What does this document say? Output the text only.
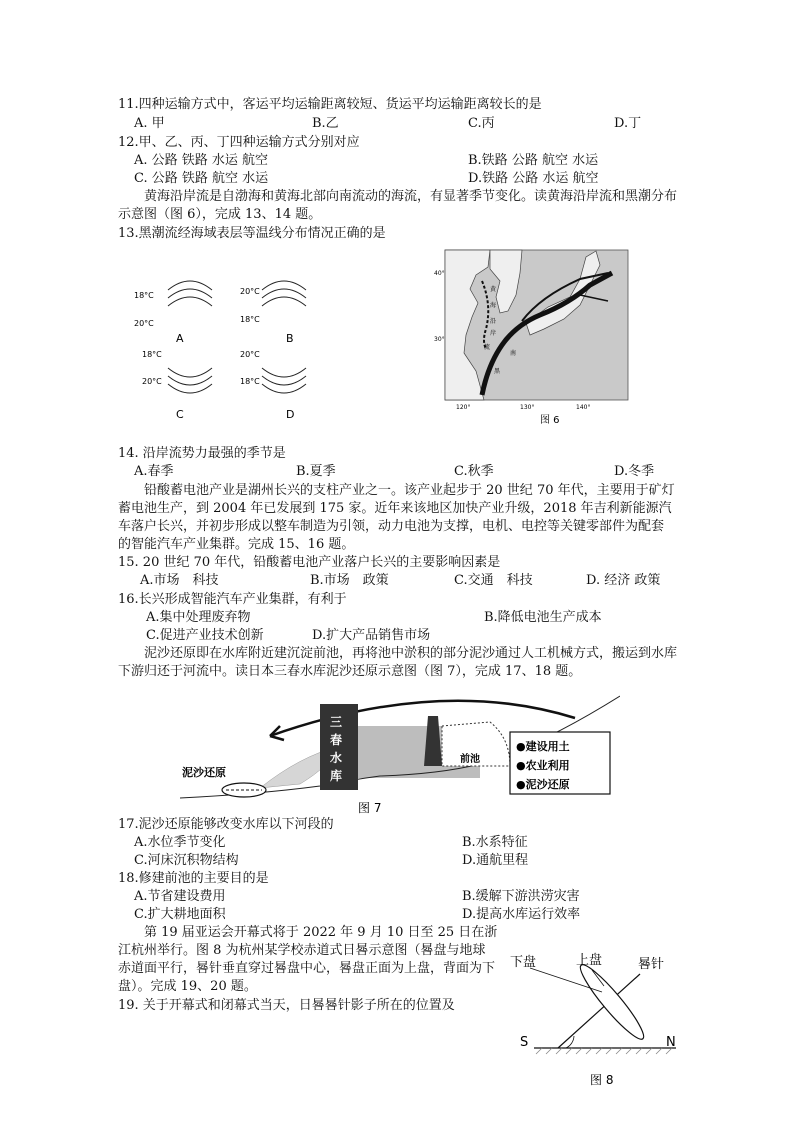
11.四种运输方式中，客运平均运输距离较短、货运平均运输距离较长的是
A. 甲	B.乙	C.丙	D.丁
12.甲、乙、丙、丁四种运输方式分别对应
A. 公路 铁路 水运 航空	B.铁路 公路 航空 水运
C. 公路 铁路 航空 水运	D.铁路 公路 水运 航空
黄海沿岸流是自渤海和黄海北部向南流动的海流，有显著季节变化。读黄海沿岸流和黑潮分布示意图（图 6），完成 13、14 题。
13.黑潮流经海域表层等温线分布情况正确的是
18°C
20°C
20°C
18°C
18°C
20°C
20°C
18°C
A	B
C	D
40°
30°
120°	130°	140°
黄
海
沿
岸
流
南
黑
图 6
14. 沿岸流势力最强的季节是
A.春季	B.夏季	C.秋季	D.冬季
铅酸蓄电池产业是湖州长兴的支柱产业之一。该产业起步于 20 世纪 70 年代，主要用于矿灯蓄电池生产，到 2004 年已发展到 175 家。近年来该地区加快产业升级，2018 年吉利新能源汽车落户长兴，并初步形成以整车制造为引领，动力电池为支撑，电机、电控等关键零部件为配套的智能汽车产业集群。完成 15、16 题。
15. 20 世纪 70 年代，铅酸蓄电池产业落户长兴的主要影响因素是
A.市场　科技	B.市场　政策	C.交通　科技	D. 经济 政策
16.长兴形成智能汽车产业集群，有利于
A.集中处理废弃物	B.降低电池生产成本
C.促进产业技术创新	D.扩大产品销售市场
泥沙还原即在水库附近建沉淀前池，再将池中淤积的部分泥沙通过人工机械方式，搬运到水库下游归还于河流中。读日本三春水库泥沙还原示意图（图 7），完成 17、18 题。
三
春
水
库
前池
泥沙还原
●建设用土
●农业利用
●泥沙还原
图 7
17.泥沙还原能够改变水库以下河段的
A.水位季节变化	B.水系特征
C.河床沉积物结构	D.通航里程
18.修建前池的主要目的是
A.节省建设费用	B.缓解下游洪涝灾害
C.扩大耕地面积	D.提高水库运行效率
第 19 届亚运会开幕式将于 2022 年 9 月 10 日至 25 日在浙江杭州举行。图 8 为杭州某学校赤道式日晷示意图（晷盘与地球赤道面平行，晷针垂直穿过晷盘中心，晷盘正面为上盘，背面为下盘）。完成 19、20 题。
19. 关于开幕式和闭幕式当天，日晷晷针影子所在的位置及
下盘	上盘	晷针
S	N
图 8
